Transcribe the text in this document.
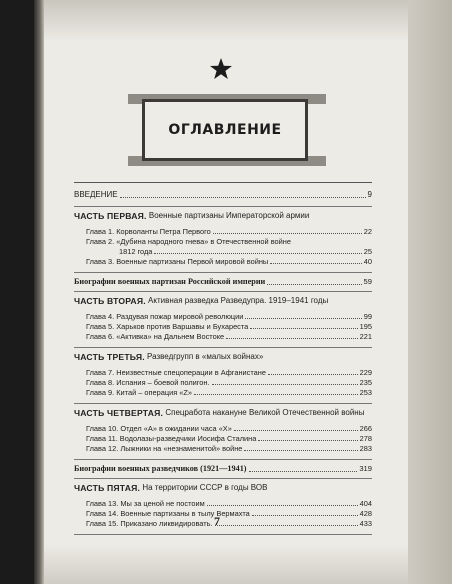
ОГЛАВЛЕНИЕ
ВВЕДЕНИЕ	9
ЧАСТЬ ПЕРВАЯ.
Военные партизаны Императорской армии
Глава 1. Корволанты Петра Первого	22
Глава 2. «Дубина народного гнева» в Отечественной войне
1812 года	25
Глава 3. Военные партизаны Первой мировой войны	40
Биографии военных партизан Российской империи	59
ЧАСТЬ ВТОРАЯ.
Активная разведка Разведупра. 1919–1941 годы
Глава 4. Раздувая пожар мировой революции	99
Глава 5. Харьков против Варшавы и Бухареста	195
Глава 6. «Активка» на Дальнем Востоке	221
ЧАСТЬ ТРЕТЬЯ.
Разведгрупп в «малых войнах»
Глава 7. Неизвестные спецоперации в Афганистане	229
Глава 8. Испания – боевой полигон.	235
Глава 9. Китай – операция «Z»	253
ЧАСТЬ ЧЕТВЕРТАЯ.
Спецработа накануне Великой Отечественной войны
Глава 10. Отдел «А» в ожидании часа «Х»	266
Глава 11. Водолазы-разведчики Иосифа Сталина	278
Глава 12. Лыжники на «незнаменитой» войне	283
Биографии военных разведчиков (1921—1941)	319
ЧАСТЬ ПЯТАЯ.
На территории СССР в годы ВОВ
Глава 13. Мы за ценой не постоим	404
Глава 14. Военные партизаны в тылу Вермахта	428
Глава 15. Приказано ликвидировать.	433
7
